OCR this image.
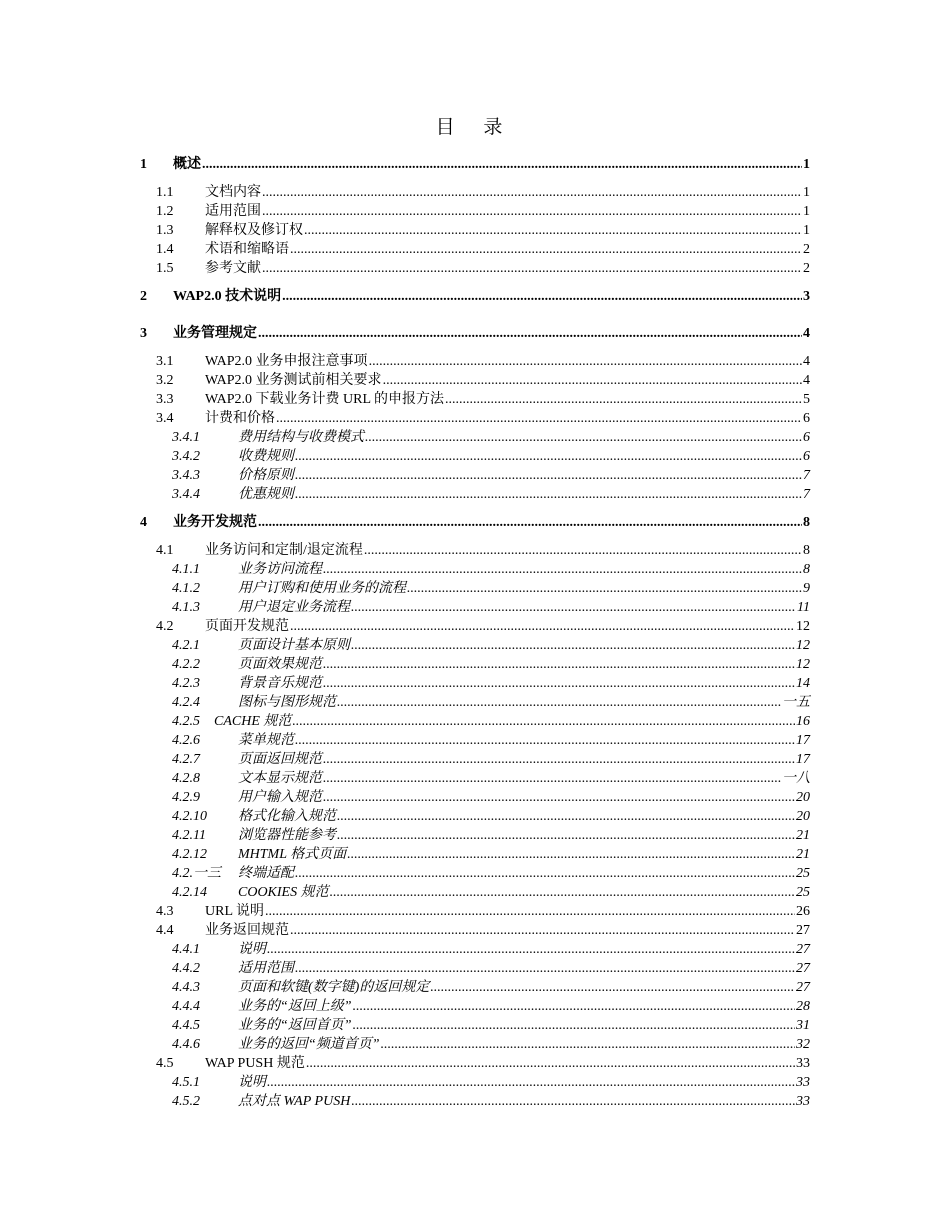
目 录
1	概述 .....	1
1.1	文档内容 .....	1
1.2	适用范围 .....	1
1.3	解释权及修订权 .....	1
1.4	术语和缩略语 .....	2
1.5	参考文献 .....	2
2	WAP2.0 技术说明 .....	3
3	业务管理规定 .....	4
3.1	WAP2.0 业务申报注意事项 .....	4
3.2	WAP2.0 业务测试前相关要求 .....	4
3.3	WAP2.0 下载业务计费 URL 的申报方法 .....	5
3.4	计费和价格 .....	6
3.4.1	费用结构与收费模式 .....	6
3.4.2	收费规则 .....	6
3.4.3	价格原则 .....	7
3.4.4	优惠规则 .....	7
4	业务开发规范 .....	8
4.1	业务访问和定制/退定流程 .....	8
4.1.1	业务访问流程 .....	8
4.1.2	用户订购和使用业务的流程 .....	9
4.1.3	用户退定业务流程 .....	11
4.2	页面开发规范 .....	12
4.2.1	页面设计基本原则 .....	12
4.2.2	页面效果规范 .....	12
4.2.3	背景音乐规范 .....	14
4.2.4	图标与图形规范 .....	一五
4.2.5 CACHE 规范 .....	16
4.2.6	菜单规范 .....	17
4.2.7	页面返回规范 .....	17
4.2.8	文本显示规范 .....	一八
4.2.9	用户输入规范 .....	20
4.2.10	格式化输入规范 .....	20
4.2.11	浏览器性能参考 .....	21
4.2.12	MHTML 格式页面 .....	21
4.2.一三	终端适配 .....	25
4.2.14	COOKIES 规范 .....	25
4.3	URL 说明 .....	26
4.4	业务返回规范 .....	27
4.4.1	说明 .....	27
4.4.2	适用范围 .....	27
4.4.3	页面和软键(数字键)的返回规定 .....	27
4.4.4	业务的“返回上级” .....	28
4.4.5	业务的“返回首页” .....	31
4.4.6	业务的返回“频道首页” .....	32
4.5	WAP PUSH 规范 .....	33
4.5.1	说明 .....	33
4.5.2	点对点 WAP PUSH .....	33
